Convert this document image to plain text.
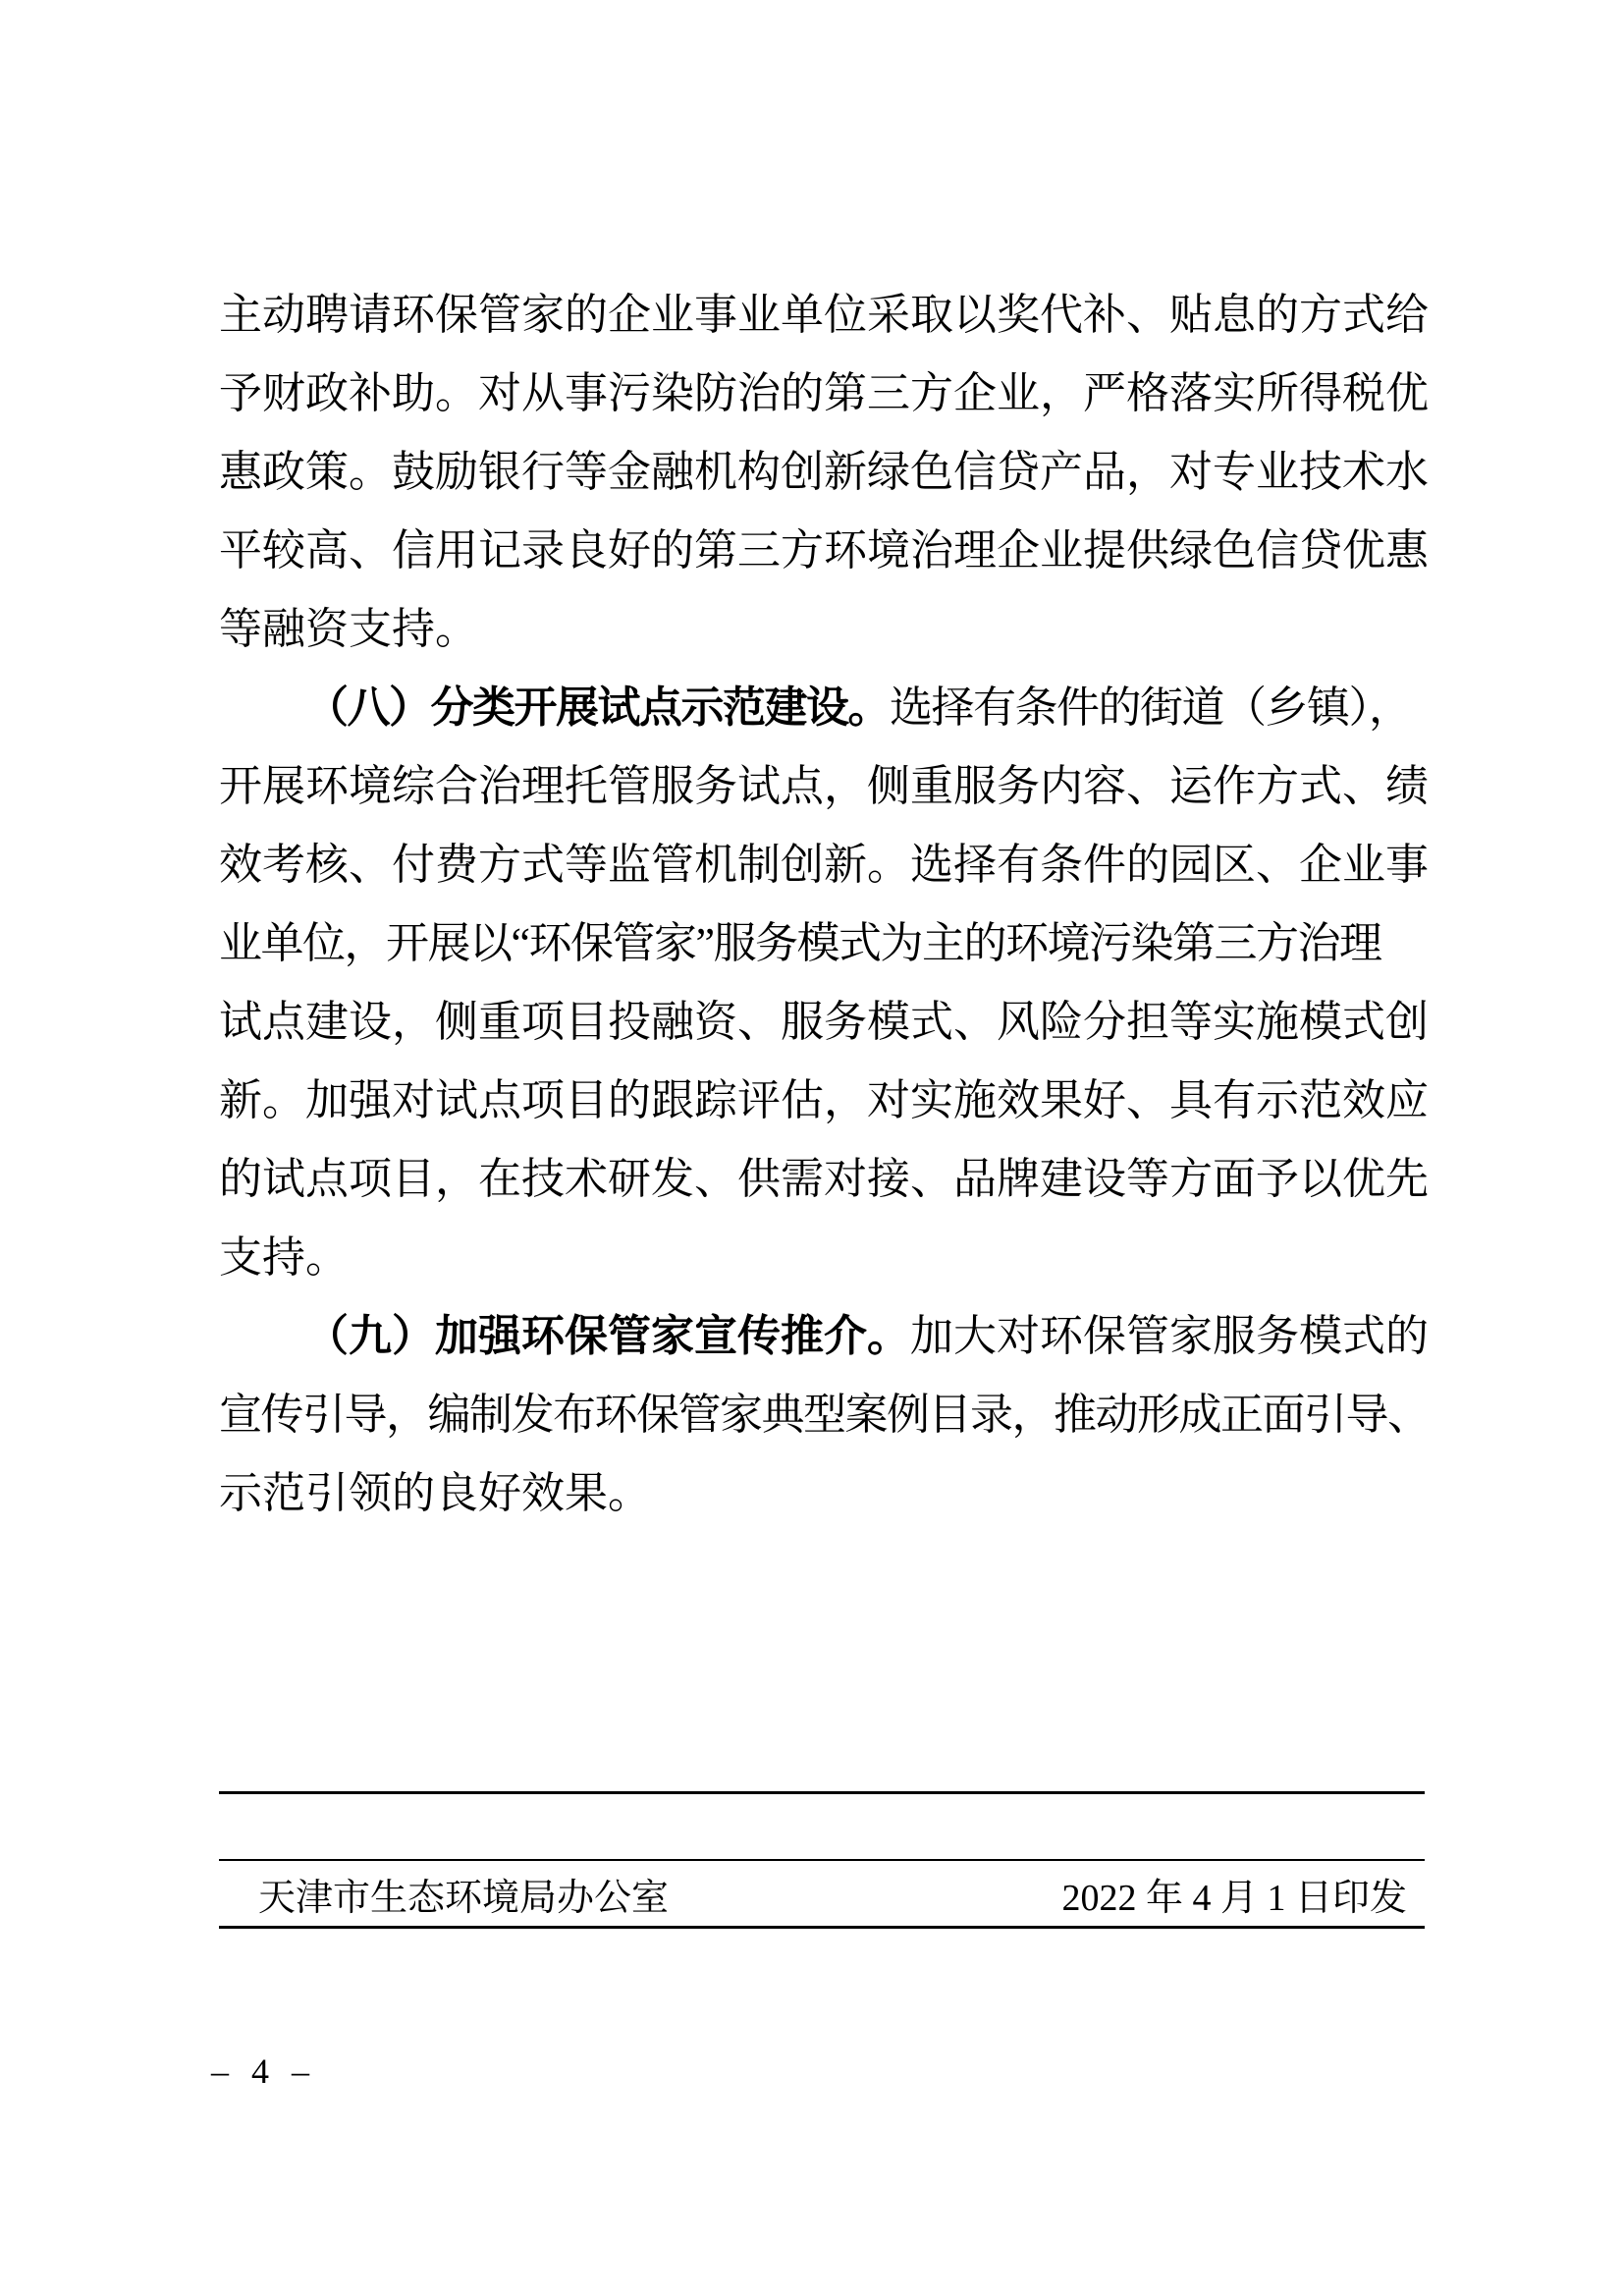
主动聘请环保管家的企业事业单位采取以奖代补、贴息的方式给
予财政补助。对从事污染防治的第三方企业，严格落实所得税优
惠政策。鼓励银行等金融机构创新绿色信贷产品，对专业技术水
平较高、信用记录良好的第三方环境治理企业提供绿色信贷优惠
等融资支持。
（八）分类开展试点示范建设。选择有条件的街道（乡镇），
开展环境综合治理托管服务试点，侧重服务内容、运作方式、绩
效考核、付费方式等监管机制创新。选择有条件的园区、企业事
业单位，开展以“环保管家”服务模式为主的环境污染第三方治理
试点建设，侧重项目投融资、服务模式、风险分担等实施模式创
新。加强对试点项目的跟踪评估，对实施效果好、具有示范效应
的试点项目，在技术研发、供需对接、品牌建设等方面予以优先
支持。
（九）加强环保管家宣传推介。加大对环保管家服务模式的
宣传引导，编制发布环保管家典型案例目录，推动形成正面引导、
示范引领的良好效果。
天津市生态环境局办公室	2022 年 4 月 1 日印发
– 4 –
